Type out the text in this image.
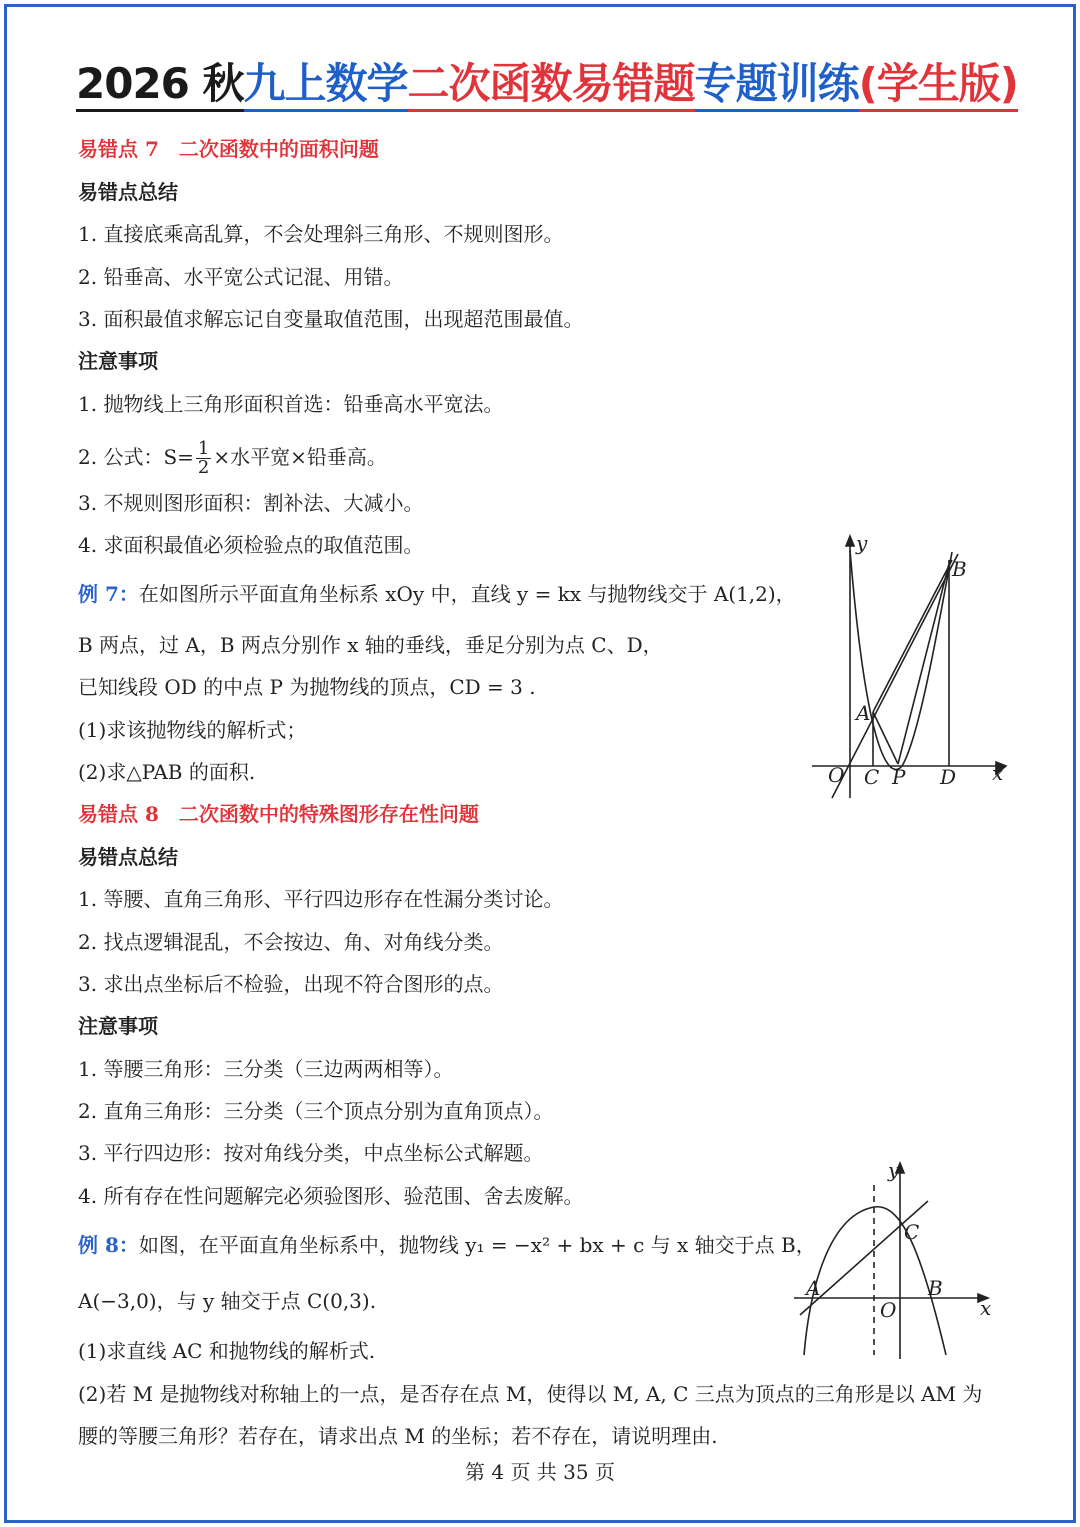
2026 秋九上数学二次函数易错题专题训练(学生版)
易错点 7　二次函数中的面积问题
易错点总结
1. 直接底乘高乱算，不会处理斜三角形、不规则图形。
2. 铅垂高、水平宽公式记混、用错。
3. 面积最值求解忘记自变量取值范围，出现超范围最值。
注意事项
1. 抛物线上三角形面积首选：铅垂高水平宽法。
2. 公式：$S= \frac{1}{2}$ ×水平宽×铅垂高。
3. 不规则图形面积：割补法、大减小。
4. 求面积最值必须检验点的取值范围。
例 7：在如图所示平面直角坐标系 xOy 中，直线 y = kx 与抛物线交于 A(1,2)，
B 两点，过 A，B 两点分别作 x 轴的垂线，垂足分别为点 C、D，
已知线段 OD 的中点 P 为抛物线的顶点，CD = 3 .
(1)求该抛物线的解析式；
(2)求△PAB 的面积.
y
B
A
O C P D x
易错点 8　二次函数中的特殊图形存在性问题
易错点总结
1. 等腰、直角三角形、平行四边形存在性漏分类讨论。
2. 找点逻辑混乱，不会按边、角、对角线分类。
3. 求出点坐标后不检验，出现不符合图形的点。
注意事项
1. 等腰三角形：三分类（三边两两相等）。
2. 直角三角形：三分类（三个顶点分别为直角顶点）。
3. 平行四边形：按对角线分类，中点坐标公式解题。
4. 所有存在性问题解完必须验图形、验范围、舍去废解。
例 8：如图，在平面直角坐标系中，抛物线 y₁ = −x² + bx + c 与 x 轴交于点 B，
A(−3,0)，与 y 轴交于点 C(0,3).
(1)求直线 AC 和抛物线的解析式.
(2)若 M 是抛物线对称轴上的一点，是否存在点 M，使得以 M, A, C 三点为顶点的三角形是以 AM 为
腰的等腰三角形？若存在，请求出点 M 的坐标；若不存在，请说明理由.
y
C
A	B
O	x
第 4 页 共 35 页
